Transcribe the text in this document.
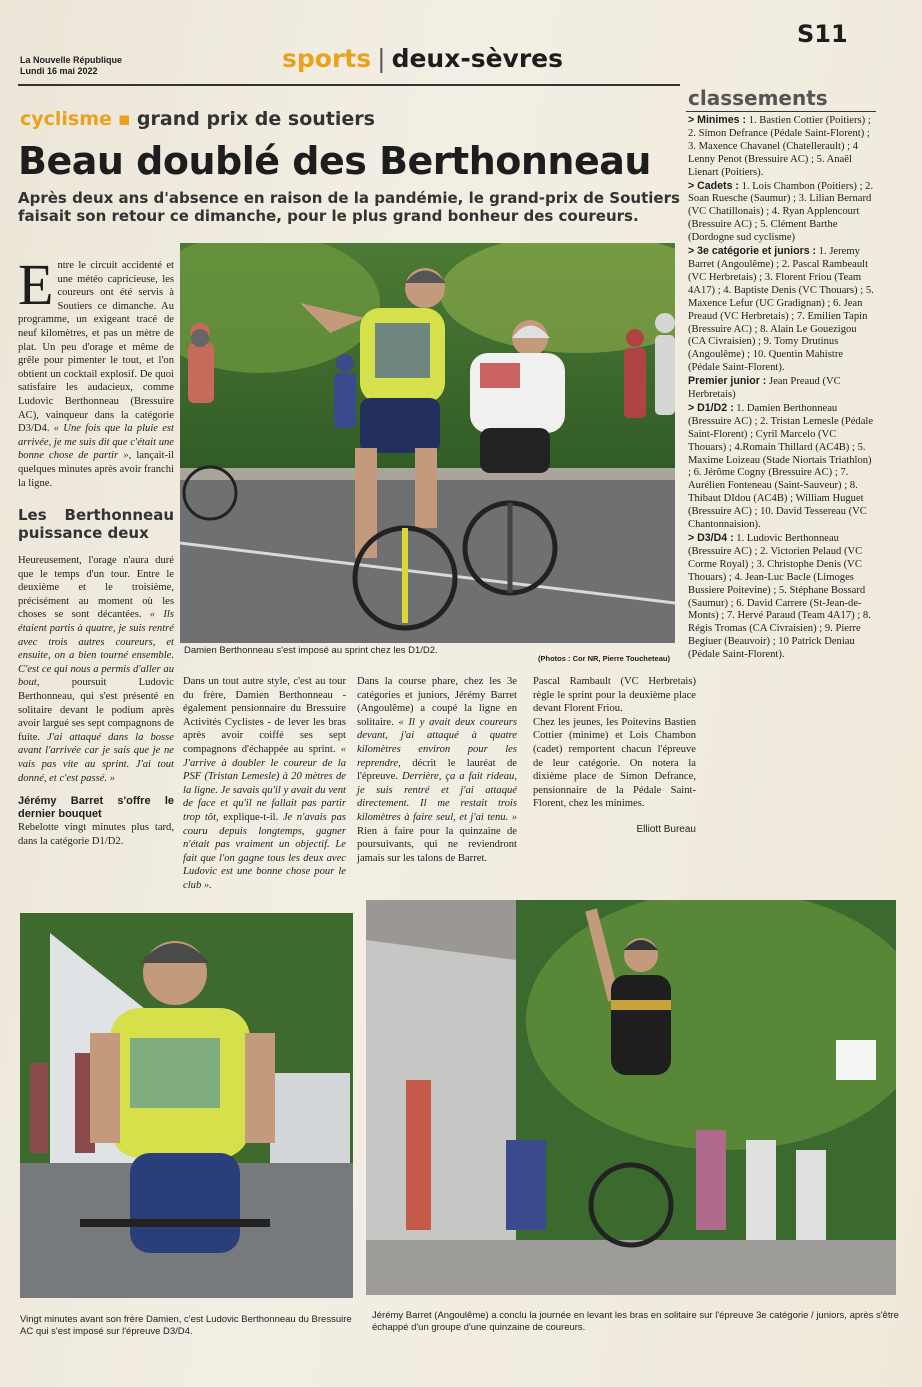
La Nouvelle République
Lundi 16 mai 2022	sports | deux-sèvres
S11
cyclisme ▪ grand prix de soutiers
Beau doublé des Berthonneau
Après deux ans d'absence en raison de la pandémie, le grand-prix de Soutiers faisait son retour ce dimanche, pour le plus grand bonheur des coureurs.
Damien Berthonneau s'est imposé au sprint chez les D1/D2.
(Photos : Cor NR, Pierre Toucheteau)
Entre le circuit accidenté et une météo capricieuse, les coureurs ont été servis à Soutiers ce dimanche. Au programme, un exigeant tracé de neuf kilomètres, et pas un mètre de plat. Un peu d'orage et même de grêle pour pimenter le tout, et l'on obtient un cocktail explosif. De quoi satisfaire les audacieux, comme Ludovic Berthonneau (Bressuire AC), vainqueur dans la catégorie D3/D4. « Une fois que la pluie est arrivée, je me suis dit que c'était une bonne chose de partir », lançait-il quelques minutes après avoir franchi la ligne.
Les Berthonneau puissance deux
Heureusement, l'orage n'aura duré que le temps d'un tour. Entre le deuxième et le troisième, précisément au moment où les choses se sont décantées. « Ils étaient partis à quatre, je suis rentré avec trois autres coureurs, et ensuite, on a bien tourné ensemble. C'est ce qui nous a permis d'aller au bout, poursuit Ludovic Berthonneau, qui s'est présenté en solitaire devant le podium après avoir largué ses sept compagnons de fuite. J'ai attaqué dans la bosse avant l'arrivée car je sais que je ne vais pas vite au sprint. J'ai tout donné, et c'est passé. »
Jérémy Barret s'offre le dernier bouquet
Rebelotte vingt minutes plus tard, dans la catégorie D1/D2.
Dans un tout autre style, c'est au tour du frère, Damien Berthonneau - également pensionnaire du Bressuire Activités Cyclistes - de lever les bras après avoir coiffé ses sept compagnons d'échappée au sprint. « J'arrive à doubler le coureur de la PSF (Tristan Lemesle) à 20 mètres de la ligne. Je savais qu'il y avait du vent de face et qu'il ne fallait pas partir trop tôt, explique-t-il. Je n'avais pas couru depuis longtemps, gagner n'était pas vraiment un objectif. Le fait que l'on gagne tous les deux avec Ludovic est une bonne chose pour le club ».
Dans la course phare, chez les 3e catégories et juniors, Jérémy Barret (Angoulême) a coupé la ligne en solitaire. « Il y avait deux coureurs devant, j'ai attaqué à quatre kilomètres environ pour les reprendre, décrit le lauréat de l'épreuve. Derrière, ça a fait rideau, je suis rentré et j'ai attaqué directement. Il me restait trois kilomètres à faire seul, et j'ai tenu. » Rien à faire pour la quinzaine de poursuivants, qui ne reviendront jamais sur les talons de Barret.
Pascal Rambault (VC Herbretais) règle le sprint pour la deuxième place devant Florent Friou.
Chez les jeunes, les Poitevins Bastien Cottier (minime) et Lois Chambon (cadet) remportent chacun l'épreuve de leur catégorie. On notera la dixième place de Simon Defrance, pensionnaire de la Pédale Saint-Florent, chez les minimes.
Elliott Bureau
classements
> Minimes : 1. Bastien Cottier (Poitiers) ; 2. Simon Defrance (Pédale Saint-Florent) ; 3. Maxence Chavanel (Chatellerault) ; 4 Lenny Penot (Bressuire AC) ; 5. Anaël Lienart (Poitiers).
> Cadets : 1. Lois Chambon (Poitiers) ; 2. Soan Ruesche (Saumur) ; 3. Lilian Bernard (VC Chatillonais) ; 4. Ryan Applencourt (Bressuire AC) ; 5. Clément Barthe (Dordogne sud cyclisme)
> 3e catégorie et juniors : 1. Jeremy Barret (Angoulême) ; 2. Pascal Rambeault (VC Herbretais) ; 3. Florent Friou (Team 4A17) ; 4. Baptiste Denis (VC Thouars) ; 5. Maxence Lefur (UC Gradignan) ; 6. Jean Preaud (VC Herbretais) ; 7. Emilien Tapin (Bressuire AC) ; 8. Alain Le Gouezigou (CA Civraisien) ; 9. Tomy Drutinus (Angoulême) ; 10. Quentin Mahistre (Pédale Saint-Florent).
Premier junior : Jean Preaud (VC Herbretais)
> D1/D2 : 1. Damien Berthonneau (Bressuire AC) ; 2. Tristan Lemesle (Pédale Saint-Florent) ; Cyril Marcelo (VC Thouars) ; 4.Romain Thillard (AC4B) ; 5. Maxime Loizeau (Stade Niortais Triathlon) ; 6. Jérôme Cogny (Bressuire AC) ; 7. Aurélien Fonteneau (Saint-Sauveur) ; 8. Thibaut DIdou (AC4B) ; William Huguet (Bressuire AC) ; 10. David Tessereau (VC Chantonnaision).
> D3/D4 : 1. Ludovic Berthonneau (Bressuire AC) ; 2. Victorien Pelaud (VC Corme Royal) ; 3. Christophe Denis (VC Thouars) ; 4. Jean-Luc Bacle (Limoges Bussiere Poitevine) ; 5. Stéphane Bossard (Saumur) ; 6. David Carrere (St-Jean-de-Monts) ; 7. Hervé Paraud (Team 4A17) ; 8. Régis Tromas (CA Civraisien) ; 9. Pierre Begiuer (Beauvoir) ; 10 Patrick Deniau (Pédale Saint-Florent).
Vingt minutes avant son frère Damien, c'est Ludovic Berthonneau du Bressuire AC qui s'est imposé sur l'épreuve D3/D4.
Jérémy Barret (Angoulême) a conclu la journée en levant les bras en solitaire sur l'épreuve 3e catégorie / juniors, après s'être échappé d'un groupe d'une quinzaine de coureurs.
